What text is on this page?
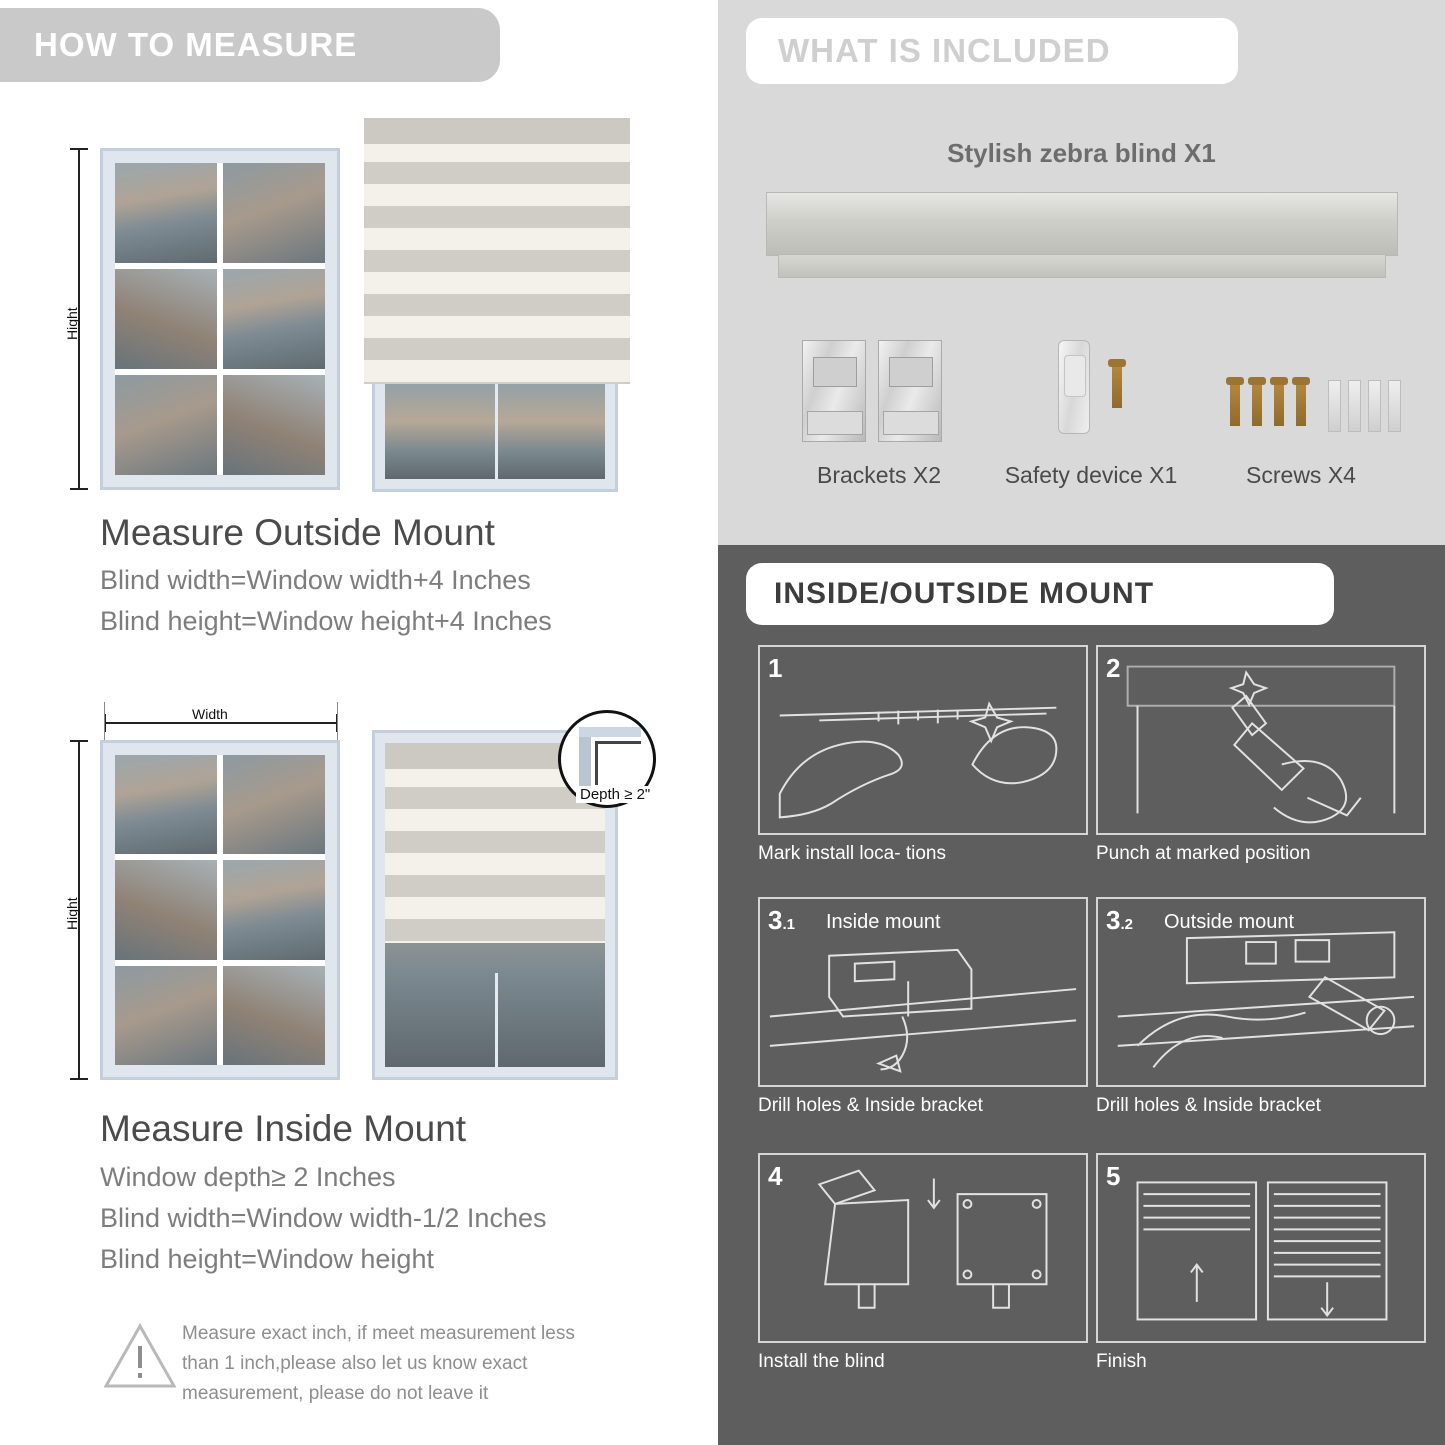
HOW TO MEASURE
Hight
Measure Outside Mount
Blind width=Window width+4 Inches
Blind height=Window height+4 Inches
Width
Hight
Depth ≥ 2"
Measure Inside Mount
Window depth≥ 2 Inches
Blind width=Window width-1/2 Inches
Blind height=Window height
Measure exact inch, if meet measurement less
than 1 inch,please also let us know exact
measurement, please do not leave it
WHAT IS INCLUDED
Stylish zebra blind X1
Brackets X2	Safety device X1	Screws X4
INSIDE/OUTSIDE MOUNT
1
Mark install loca- tions
2
Punch at marked position
3.1 Inside mount
Drill holes & Inside bracket
3.2 Outside mount
Drill holes & Inside bracket
4
Install the blind
5
Finish
